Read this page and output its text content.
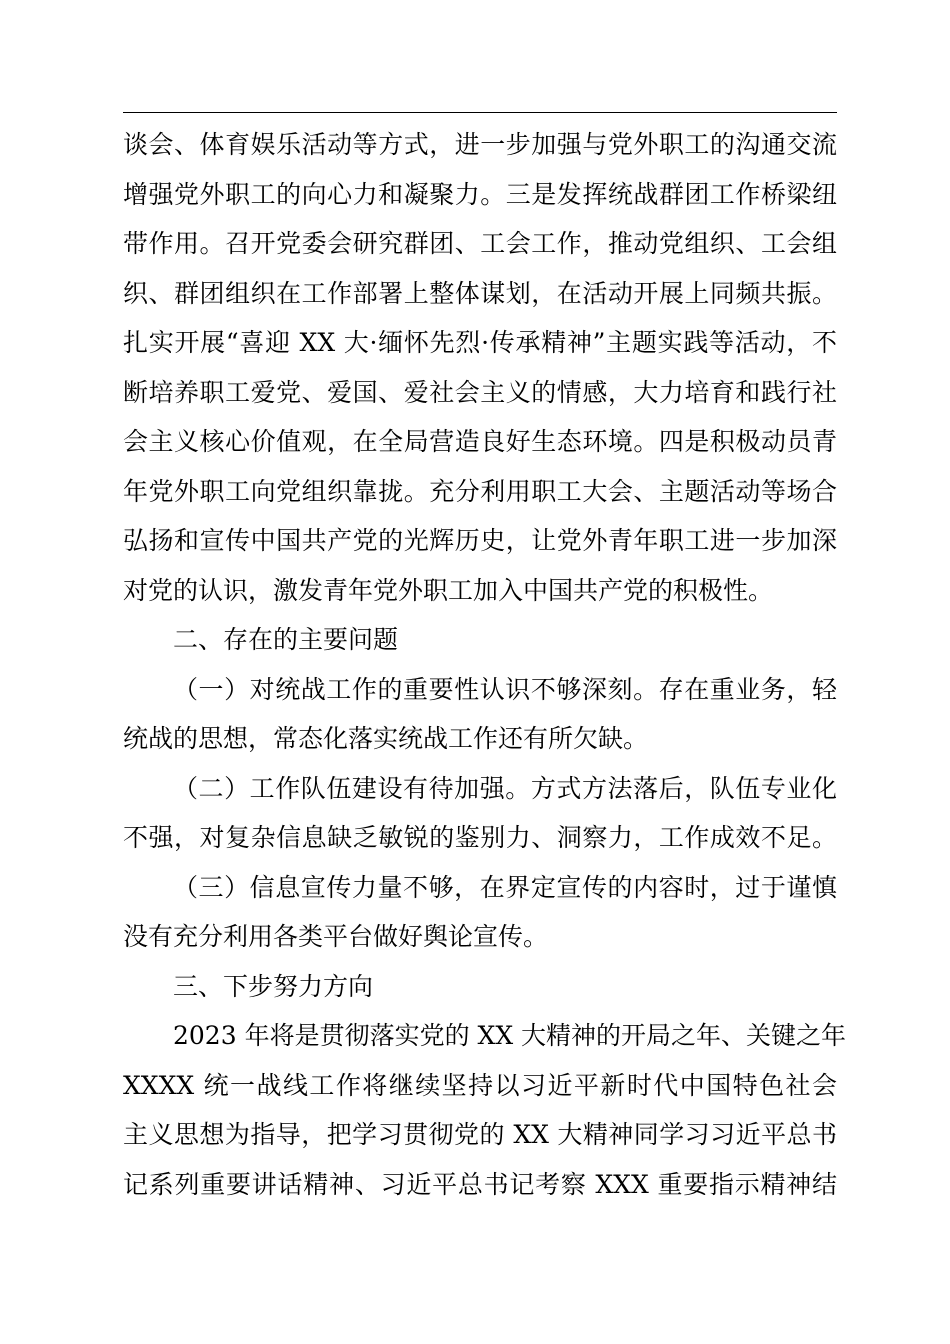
谈会、体育娱乐活动等方式，进一步加强与党外职工的沟通交流
增强党外职工的向心力和凝聚力。三是发挥统战群团工作桥梁纽
带作用。召开党委会研究群团、工会工作，推动党组织、工会组
织、群团组织在工作部署上整体谋划，在活动开展上同频共振。
扎实开展“喜迎 XX 大·缅怀先烈·传承精神”主题实践等活动，不
断培养职工爱党、爱国、爱社会主义的情感，大力培育和践行社
会主义核心价值观，在全局营造良好生态环境。四是积极动员青
年党外职工向党组织靠拢。充分利用职工大会、主题活动等场合
弘扬和宣传中国共产党的光辉历史，让党外青年职工进一步加深
对党的认识，激发青年党外职工加入中国共产党的积极性。
二、存在的主要问题
（一）对统战工作的重要性认识不够深刻。存在重业务，轻
统战的思想，常态化落实统战工作还有所欠缺。
（二）工作队伍建设有待加强。方式方法落后，队伍专业化
不强，对复杂信息缺乏敏锐的鉴别力、洞察力，工作成效不足。
（三）信息宣传力量不够，在界定宣传的内容时，过于谨慎
没有充分利用各类平台做好舆论宣传。
三、下步努力方向
2023 年将是贯彻落实党的 XX 大精神的开局之年、关键之年
XXXX 统一战线工作将继续坚持以习近平新时代中国特色社会
主义思想为指导，把学习贯彻党的 XX 大精神同学习习近平总书
记系列重要讲话精神、习近平总书记考察 XXX 重要指示精神结
